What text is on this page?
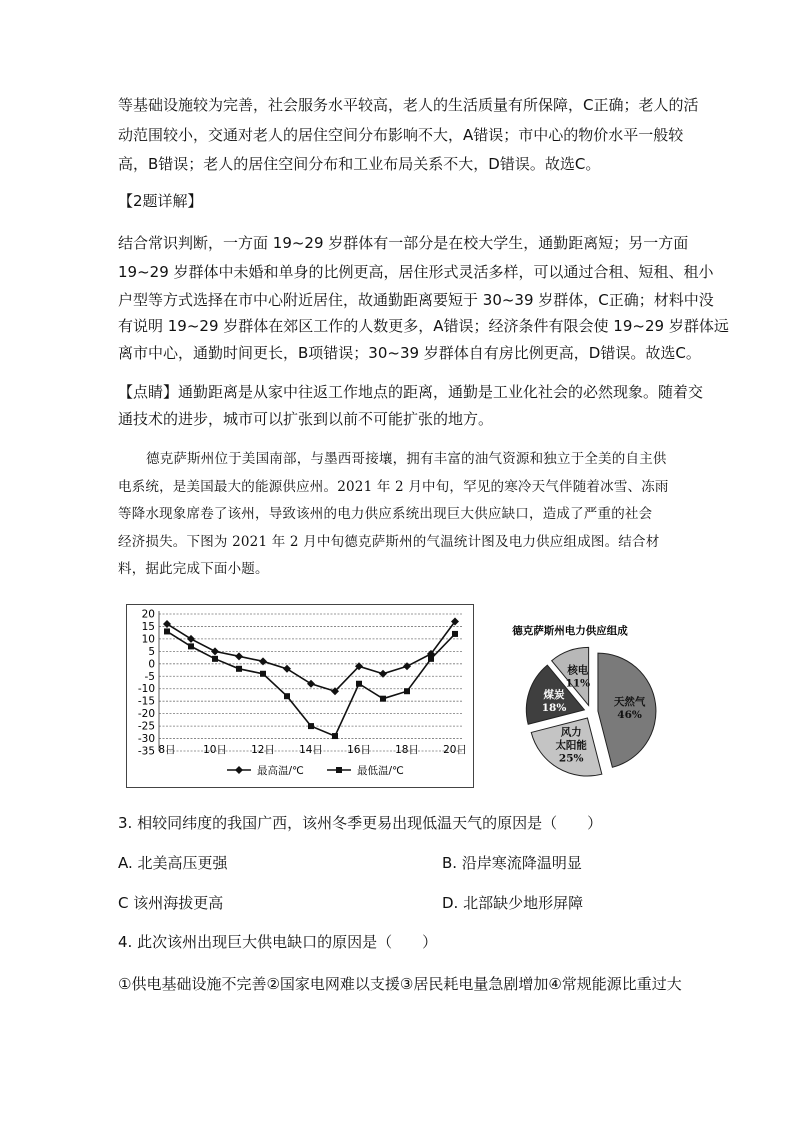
等基础设施较为完善，社会服务水平较高，老人的生活质量有所保障，C正确；老人的活
动范围较小，交通对老人的居住空间分布影响不大，A错误；市中心的物价水平一般较
高，B错误；老人的居住空间分布和工业布局关系不大，D错误。故选C。
【2题详解】
结合常识判断，一方面 19~29 岁群体有一部分是在校大学生，通勤距离短；另一方面
19~29 岁群体中未婚和单身的比例更高，居住形式灵活多样，可以通过合租、短租、租小
户型等方式选择在市中心附近居住，故通勤距离要短于 30~39 岁群体，C正确；材料中没
有说明 19~29 岁群体在郊区工作的人数更多，A错误；经济条件有限会使 19~29 岁群体远
离市中心，通勤时间更长，B项错误；30~39 岁群体自有房比例更高，D错误。故选C。
【点睛】通勤距离是从家中往返工作地点的距离，通勤是工业化社会的必然现象。随着交
通技术的进步，城市可以扩张到以前不可能扩张的地方。
德克萨斯州位于美国南部，与墨西哥接壤，拥有丰富的油气资源和独立于全美的自主供
电系统，是美国最大的能源供应州。2021 年 2 月中旬，罕见的寒冷天气伴随着冰雪、冻雨
等降水现象席卷了该州，导致该州的电力供应系统出现巨大供应缺口，造成了严重的社会
经济损失。下图为 2021 年 2 月中旬德克萨斯州的气温统计图及电力供应组成图。结合材
料，据此完成下面小题。
20
15
10
5
0
-5
-10
-15
-20
-25
-30
-35 8日	10日 12日 14日 16日 18日 20日
最高温/℃	最低温/℃
德克萨斯州电力供应组成
天然气
46%
风力
太阳能
25%
煤炭
18%
核电
11%
3. 相较同纬度的我国广西，该州冬季更易出现低温天气的原因是（　　）
A. 北美高压更强	B. 沿岸寒流降温明显
C 该州海拔更高	D. 北部缺少地形屏障
4. 此次该州出现巨大供电缺口的原因是（　　）
①供电基础设施不完善②国家电网难以支援③居民耗电量急剧增加④常规能源比重过大
